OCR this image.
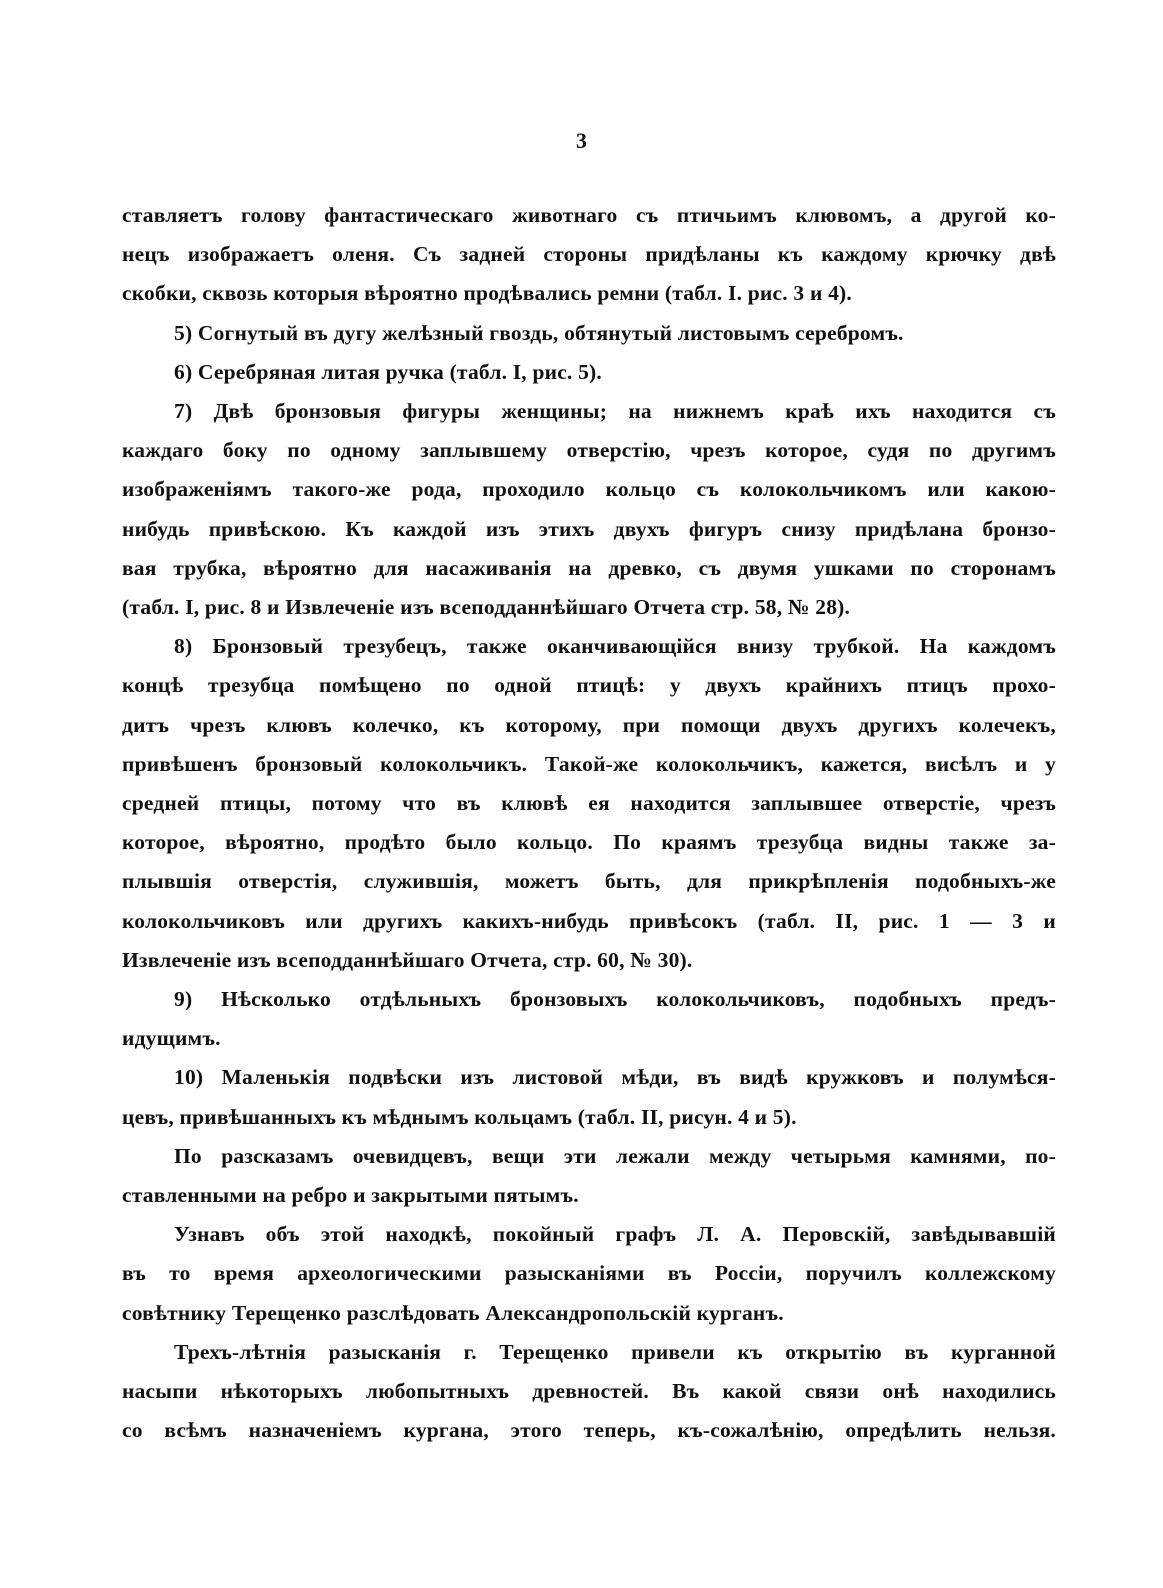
3
ставляетъ голову фантастическаго животнаго съ птичьимъ клювомъ, а другой ко-
нецъ изображаетъ оленя. Съ задней стороны придѣланы къ каждому крючку двѣ
скобки, сквозь которыя вѣроятно продѣвались ремни (табл. I. рис. 3 и 4).
5) Согнутый въ дугу желѣзный гвоздь, обтянутый листовымъ серебромъ.
6) Серебряная литая ручка (табл. I, рис. 5).
7) Двѣ бронзовыя фигуры женщины; на нижнемъ краѣ ихъ находится съ
каждаго боку по одному заплывшему отверстію, чрезъ которое, судя по другимъ
изображеніямъ такого-же рода, проходило кольцо съ колокольчикомъ или какою-
нибудь привѣскою. Къ каждой изъ этихъ двухъ фигуръ снизу придѣлана бронзо-
вая трубка, вѣроятно для насаживанія на древко, съ двумя ушками по сторонамъ
(табл. I, рис. 8 и Извлеченіе изъ всеподданнѣйшаго Отчета стр. 58, № 28).
8) Бронзовый трезубецъ, также оканчивающійся внизу трубкой. На каждомъ
концѣ трезубца помѣщено по одной птицѣ: у двухъ крайнихъ птицъ прохо-
дитъ чрезъ клювъ колечко, къ которому, при помощи двухъ другихъ колечекъ,
привѣшенъ бронзовый колокольчикъ. Такой-же колокольчикъ, кажется, висѣлъ и у
средней птицы, потому что въ клювѣ ея находится заплывшее отверстіе, чрезъ
которое, вѣроятно, продѣто было кольцо. По краямъ трезубца видны также за-
плывшія отверстія, служившія, можетъ быть, для прикрѣпленія подобныхъ-же
колокольчиковъ или другихъ какихъ-нибудь привѣсокъ (табл. II, рис. 1 — 3 и
Извлеченіе изъ всеподданнѣйшаго Отчета, стр. 60, № 30).
9) Нѣсколько отдѣльныхъ бронзовыхъ колокольчиковъ, подобныхъ предъ-
идущимъ.
10) Маленькія подвѣски изъ листовой мѣди, въ видѣ кружковъ и полумѣся-
цевъ, привѣшанныхъ къ мѣднымъ кольцамъ (табл. II, рисун. 4 и 5).
По разсказамъ очевидцевъ, вещи эти лежали между четырьмя камнями, по-
ставленными на ребро и закрытыми пятымъ.
Узнавъ объ этой находкѣ, покойный графъ Л. А. Перовскій, завѣдывавшій
въ то время археологическими разысканіями въ Россіи, поручилъ коллежскому
совѣтнику Терещенко разслѣдовать Александропольскій курганъ.
Трехъ-лѣтнія разысканія г. Терещенко привели къ открытію въ курганной
насыпи нѣкоторыхъ любопытныхъ древностей. Въ какой связи онѣ находились
со всѣмъ назначеніемъ кургана, этого теперь, къ-сожалѣнію, опредѣлить нельзя.
